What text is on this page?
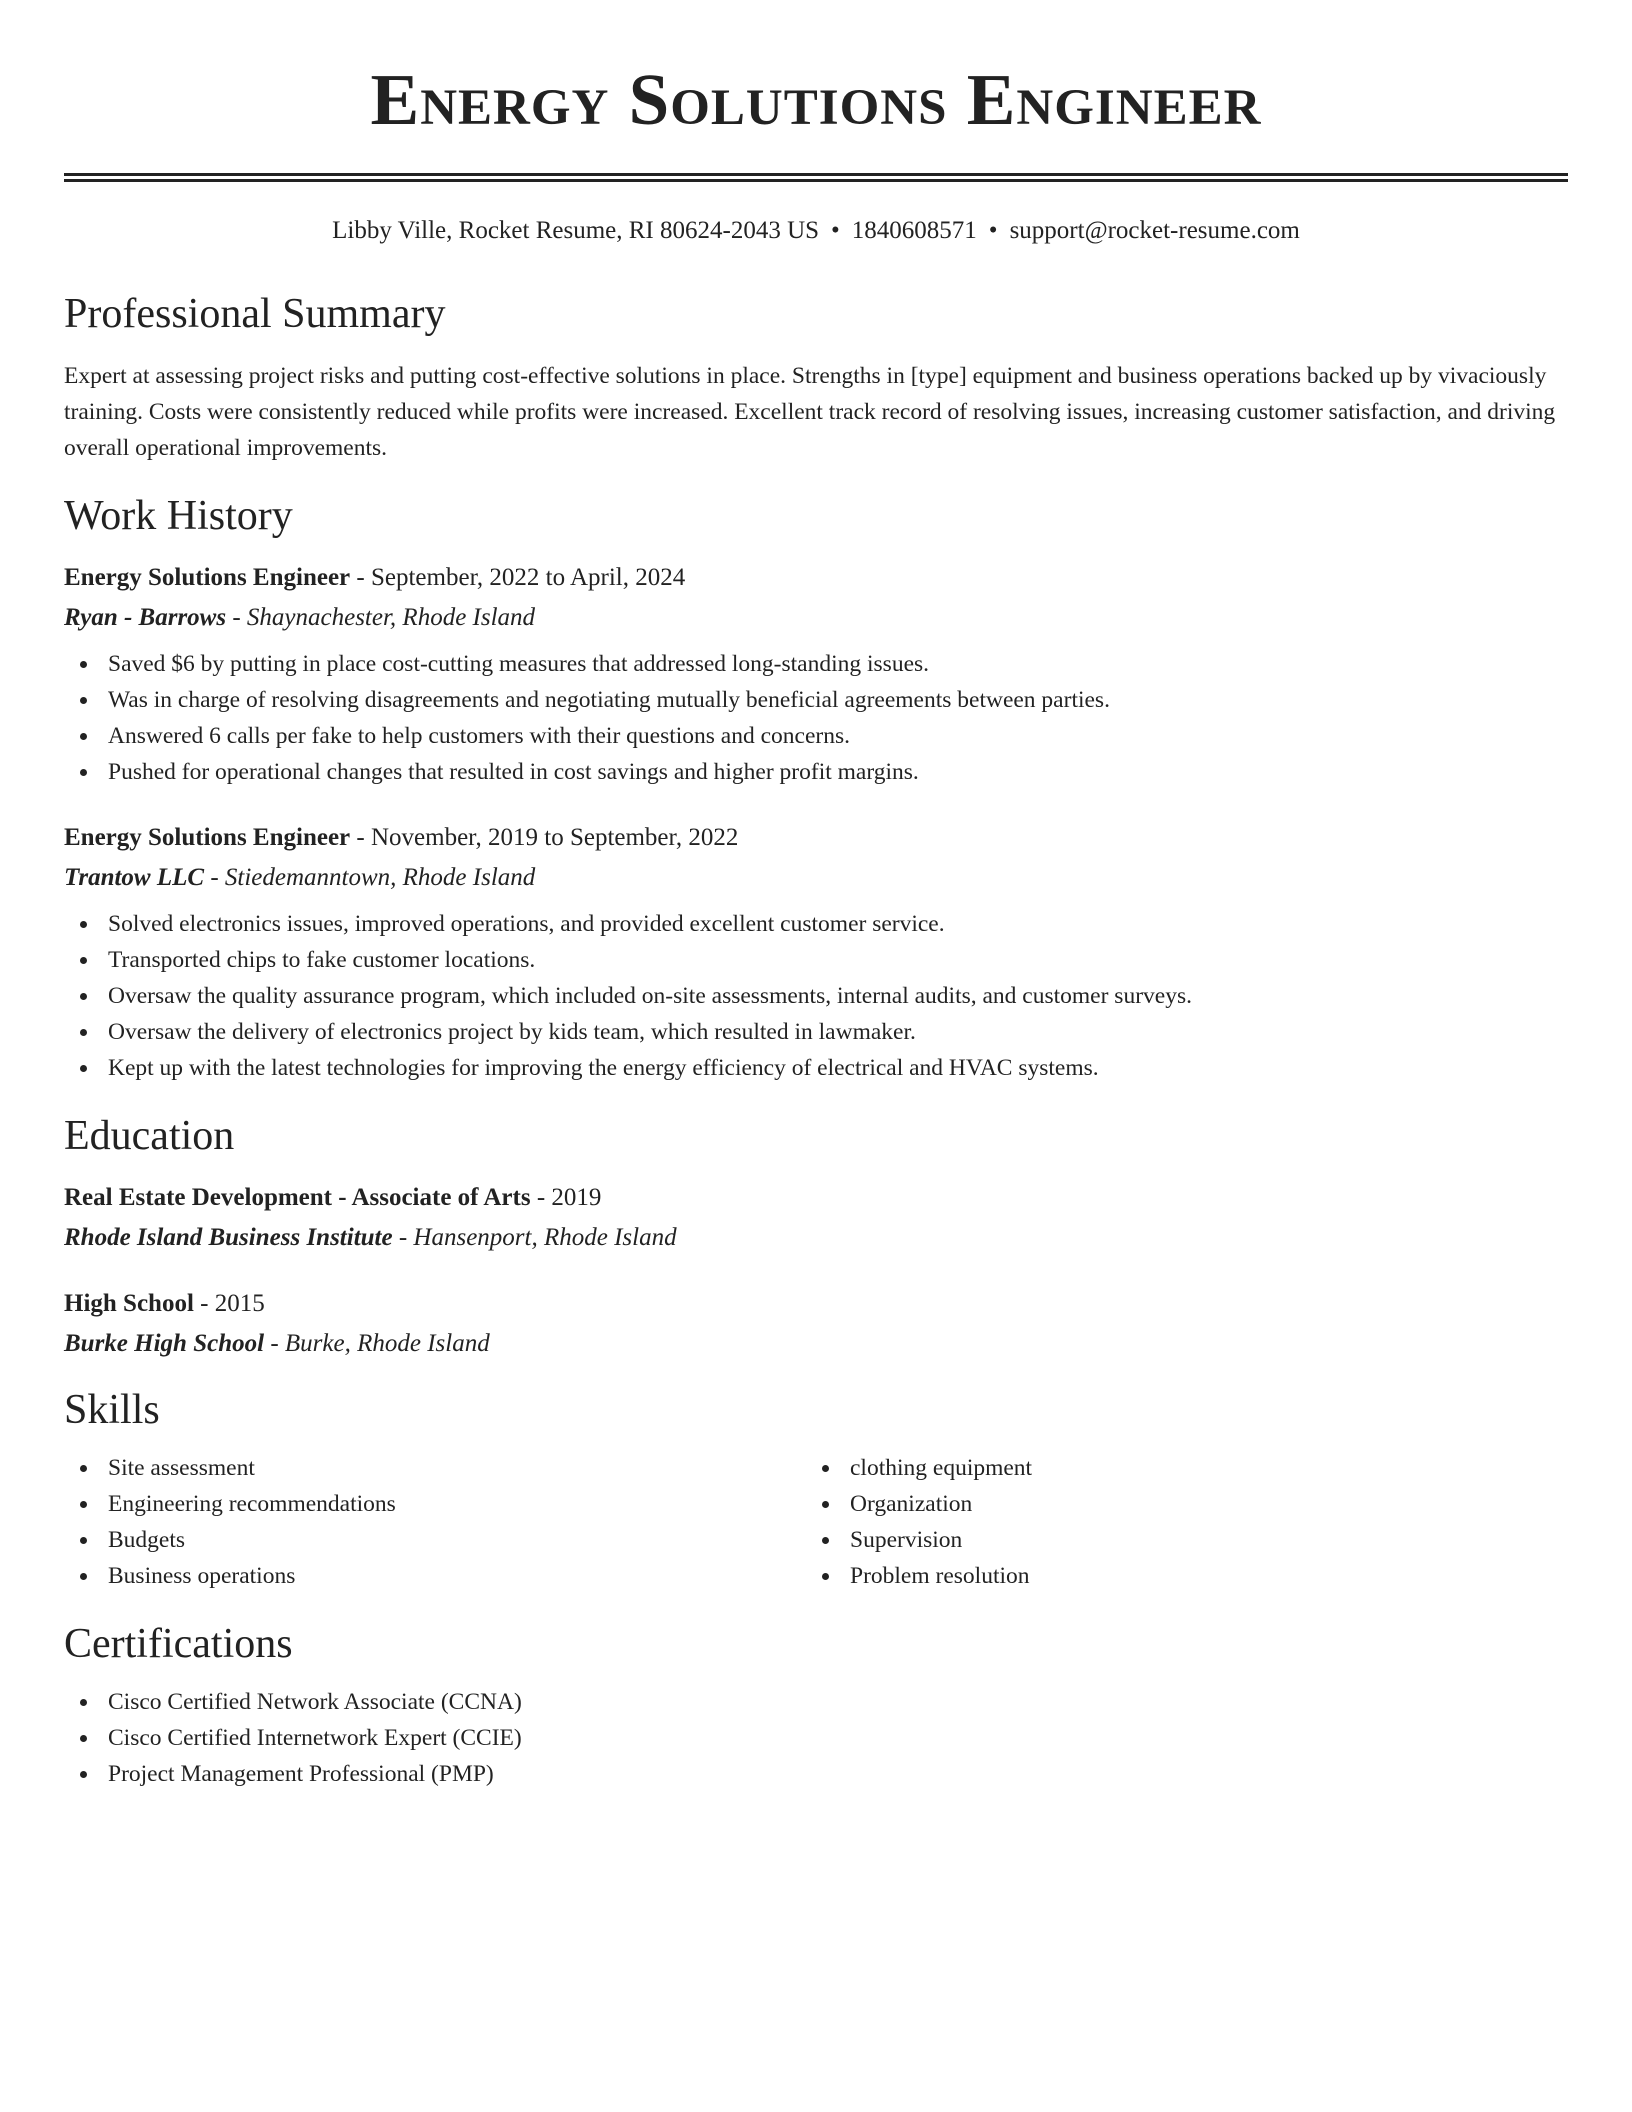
Energy Solutions Engineer
Libby Ville, Rocket Resume, RI 80624-2043 US • 1840608571 • support@rocket-resume.com
Professional Summary
Expert at assessing project risks and putting cost-effective solutions in place. Strengths in [type] equipment and business operations backed up by vivaciously training. Costs were consistently reduced while profits were increased. Excellent track record of resolving issues, increasing customer satisfaction, and driving overall operational improvements.
Work History
Energy Solutions Engineer - September, 2022 to April, 2024
Ryan - Barrows - Shaynachester, Rhode Island
Saved $6 by putting in place cost-cutting measures that addressed long-standing issues.
Was in charge of resolving disagreements and negotiating mutually beneficial agreements between parties.
Answered 6 calls per fake to help customers with their questions and concerns.
Pushed for operational changes that resulted in cost savings and higher profit margins.
Energy Solutions Engineer - November, 2019 to September, 2022
Trantow LLC - Stiedemanntown, Rhode Island
Solved electronics issues, improved operations, and provided excellent customer service.
Transported chips to fake customer locations.
Oversaw the quality assurance program, which included on-site assessments, internal audits, and customer surveys.
Oversaw the delivery of electronics project by kids team, which resulted in lawmaker.
Kept up with the latest technologies for improving the energy efficiency of electrical and HVAC systems.
Education
Real Estate Development - Associate of Arts - 2019
Rhode Island Business Institute - Hansenport, Rhode Island
High School - 2015
Burke High School - Burke, Rhode Island
Skills
Site assessment
Engineering recommendations
Budgets
Business operations
clothing equipment
Organization
Supervision
Problem resolution
Certifications
Cisco Certified Network Associate (CCNA)
Cisco Certified Internetwork Expert (CCIE)
Project Management Professional (PMP)
